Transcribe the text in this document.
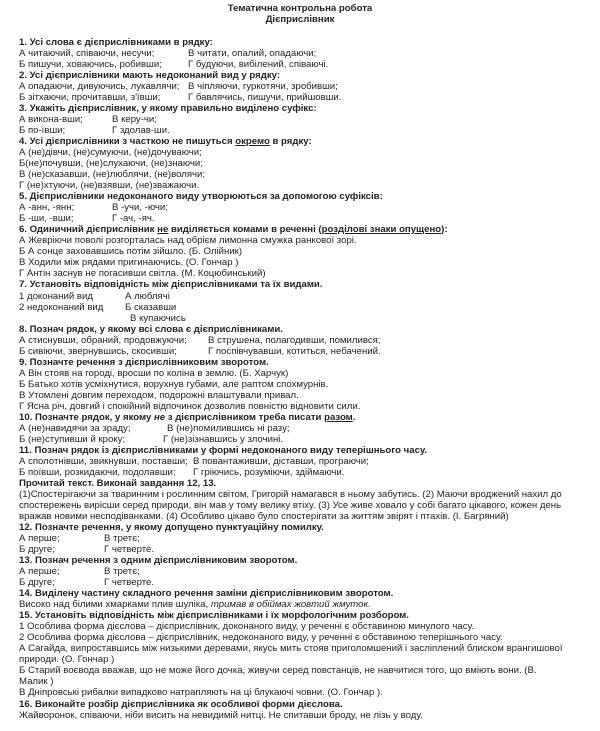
Тематична контрольна робота
Дієприслівник
1. Усі слова є дієприслівниками в рядку:
А читаючий, співаючи, несучи;	В читати, опалий, опадаючи;
Б пишучи, ховаючись, робивши;	Г будуючи, вибілений, співаючі.
2. Усі дієприслівники мають недоконаний вид у рядку:
А опадаючи, дивуючись, лукавлячи; В чіпляючи, гуркотячи, зробивши;
Б зітхаючи, прочитавши, з'ївши;	Г бавлячись, пишучи, прийшовши.
3. Укажіть дієприслівник, у якому правильно виділено суфікс:
А викона-вши;	В керу-чи;
Б по-ївши;	Г здолав-ши.
4. Усі дієприслівники з часткою не пишуться окремо в рядку:
А (не)дівчи, (не)сумуючи, (не)дочуваючи;
Б(не)почувши, (не)слухаючи, (не)знаючи;
В (не)сказавши, (не)люблячи, (не)волячи;
Г (не)хтуючи, (не)взявши, (не)зважаючи.
5. Дієприслівники недоконаного виду утворюються за допомогою суфіксів:
А -анн, -янн;	В -учи, -ючи;
Б -ши, -вши;	Г -ач, -яч.
6. Одиничний дієприслівник не виділяється комами в реченні (розділові знаки опущено):
А Жевріючи поволі розгорталась над обрієм лимонна смужка ранкової зорі.
Б А сонце заховавшись потім зійшло. (Б. Олійник)
В Ходили між рядами пригинаючись. (О. Гончар )
Г Антін заснув не погасивши світла. (М. Коцюбинський)
7. Установіть відповідність між дієприслівниками та їх видами.
1 доконаний вид	А люблячі
2 недоконаний вид Б сказавши
В купаючись
8. Познач рядок, у якому всі слова є дієприслівниками.
А стиснувши, обраний, продовжуючи; В струшена, полагодивши, помилився;
Б сивіючи, звернувшись, скосивши;	Г поспівчувавши, котиться, небачений.
9. Позначте речення з дієприслівниковим зворотом.
А Він стояв на городі, вросши по коліна в землю. (Б. Харчук)
Б Батько хотів усміхнутися, ворухнув губами, але раптом спохмурнів.
В Утомлені довгим переходом, подорожні влаштували привал.
Г Ясна річ, довгий і спокійний відпочинок дозволив повністю відновити сили.
10. Позначте рядок, у якому не з дієприслівником треба писати разом.
А (не)навидячи за зраду;	В (не)помилившись ні разу;
Б (не)ступивши й кроку;	Г (не)зізнавшись у злочині.
11. Познач рядок із дієприслівниками у формі недоконаного виду теперішнього часу.
А сполотнівши, звикнувши, поставши; В повантаживши, діставши, програючи;
Б поївши, розкидаючи, подолавши; Г гріючись, розуміючи, здіймаючи.
Прочитай текст. Виконай завдання 12, 13.
(1)Спостерігаючи за тваринним і рослинним світом, Григорій намагався в ньому забутись. (2) Маючи вроджений нахил до
спостережень вирісши серед природи, він мав у тому велику втіху. (3) Усе живе ховало у собі багато цікавого, кожен день
вражав новими несподіванками. (4) Особливо цікаво було спостерігати за життям звірят і птахів. (І. Багряний)
12. Позначте речення, у якому допущено пунктуаційну помилку.
А перше;	В третє;
Б друге;	Г четверте.
13. Познач речення з одним дієприслівниковим зворотом.
А перше;	В третє;
Б друге;	Г четверте.
14. Виділену частину складного речення заміни дієприслівниковим зворотом.
Високо над білими хмарками плив шуліка, тримав в обіймах жовтий жмуток.
15. Установіть відповідність між дієприслівниками і їх морфологічним розбором.
1 Особлива форма дієслова – дієприслівник, доконаного виду, у реченні є обставиною минулого часу.
2 Особлива форма дієслова – дієприслівник, недоконаного виду, у реченні є обставиною теперішнього часу.
А Сагайда, випроставшись між низькими деревами, якусь мить стояв приголомшений і засліплений блиском врангишової
природи. (О. Гончар )
Б Старий воєвода вважав, що не може його дочка, живучи серед повстанців, не навчитися того, що вміють вони. (В.
Малик )
В Дніпровські рибалки випадково натрапляють на ці блукаючі човни. (О. Гончар ).
16. Виконайте розбір дієприслівника як особливої форми дієслова.
Жайворонок, співаючи, ніби висить на невидимій нитці. Не спитавши броду, не лізь у воду.
